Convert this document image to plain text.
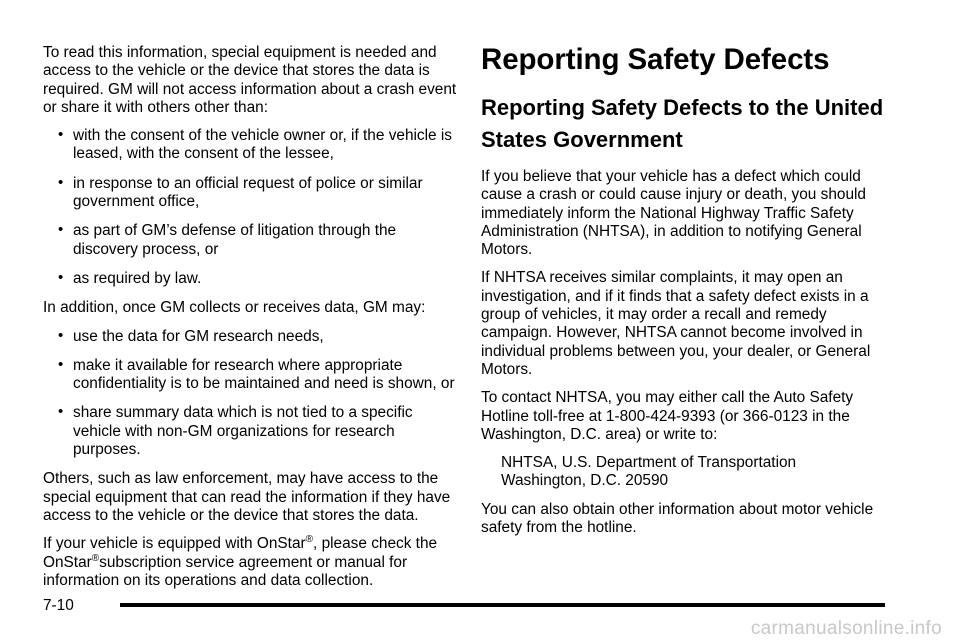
To read this information, special equipment is needed and access to the vehicle or the device that stores the data is required. GM will not access information about a crash event or share it with others other than:

• with the consent of the vehicle owner or, if the vehicle is leased, with the consent of the lessee,
• in response to an official request of police or similar government office,
• as part of GM’s defense of litigation through the discovery process, or
• as required by law.

In addition, once GM collects or receives data, GM may:

• use the data for GM research needs,
• make it available for research where appropriate confidentiality is to be maintained and need is shown, or
• share summary data which is not tied to a specific vehicle with non-GM organizations for research purposes.

Others, such as law enforcement, may have access to the special equipment that can read the information if they have access to the vehicle or the device that stores the data.

If your vehicle is equipped with OnStar®, please check the OnStar®subscription service agreement or manual for information on its operations and data collection.

Reporting Safety Defects
Reporting Safety Defects to the United States Government

If you believe that your vehicle has a defect which could cause a crash or could cause injury or death, you should immediately inform the National Highway Traffic Safety Administration (NHTSA), in addition to notifying General Motors.

If NHTSA receives similar complaints, it may open an investigation, and if it finds that a safety defect exists in a group of vehicles, it may order a recall and remedy campaign. However, NHTSA cannot become involved in individual problems between you, your dealer, or General Motors.

To contact NHTSA, you may either call the Auto Safety Hotline toll-free at 1-800-424-9393 (or 366-0123 in the Washington, D.C. area) or write to:

NHTSA, U.S. Department of Transportation
Washington, D.C. 20590

You can also obtain other information about motor vehicle safety from the hotline.

7-10
carmanualsonline.info
